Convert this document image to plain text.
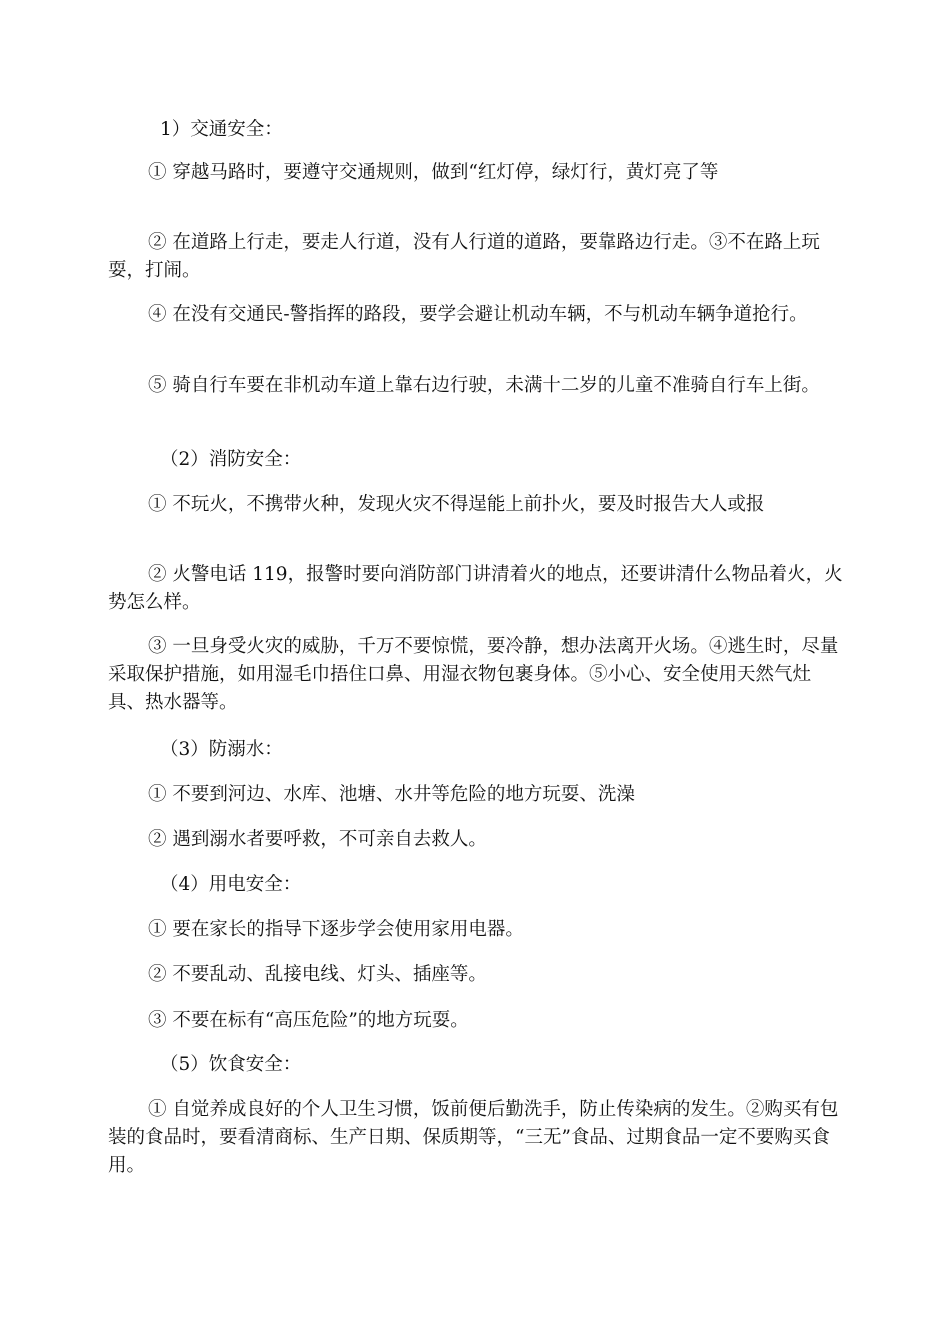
1）交通安全：

① 穿越马路时，要遵守交通规则，做到“红灯停，绿灯行，黄灯亮了等

② 在道路上行走，要走人行道，没有人行道的道路，要靠路边行走。③不在路上玩耍，打闹。

④ 在没有交通民-警指挥的路段，要学会避让机动车辆，不与机动车辆争道抢行。

⑤ 骑自行车要在非机动车道上靠右边行驶，未满十二岁的儿童不准骑自行车上街。

（2）消防安全：

① 不玩火，不携带火种，发现火灾不得逞能上前扑火，要及时报告大人或报

② 火警电话 119，报警时要向消防部门讲清着火的地点，还要讲清什么物品着火，火势怎么样。

③ 一旦身受火灾的威胁，千万不要惊慌，要冷静，想办法离开火场。④逃生时，尽量采取保护措施，如用湿毛巾捂住口鼻、用湿衣物包裹身体。⑤小心、安全使用天然气灶具、热水器等。

（3）防溺水：

① 不要到河边、水库、池塘、水井等危险的地方玩耍、洗澡

② 遇到溺水者要呼救，不可亲自去救人。

（4）用电安全：

① 要在家长的指导下逐步学会使用家用电器。

② 不要乱动、乱接电线、灯头、插座等。

③ 不要在标有“高压危险”的地方玩耍。

（5）饮食安全：

① 自觉养成良好的个人卫生习惯，饭前便后勤洗手，防止传染病的发生。②购买有包装的食品时，要看清商标、生产日期、保质期等，“三无”食品、过期食品一定不要购买食用。
